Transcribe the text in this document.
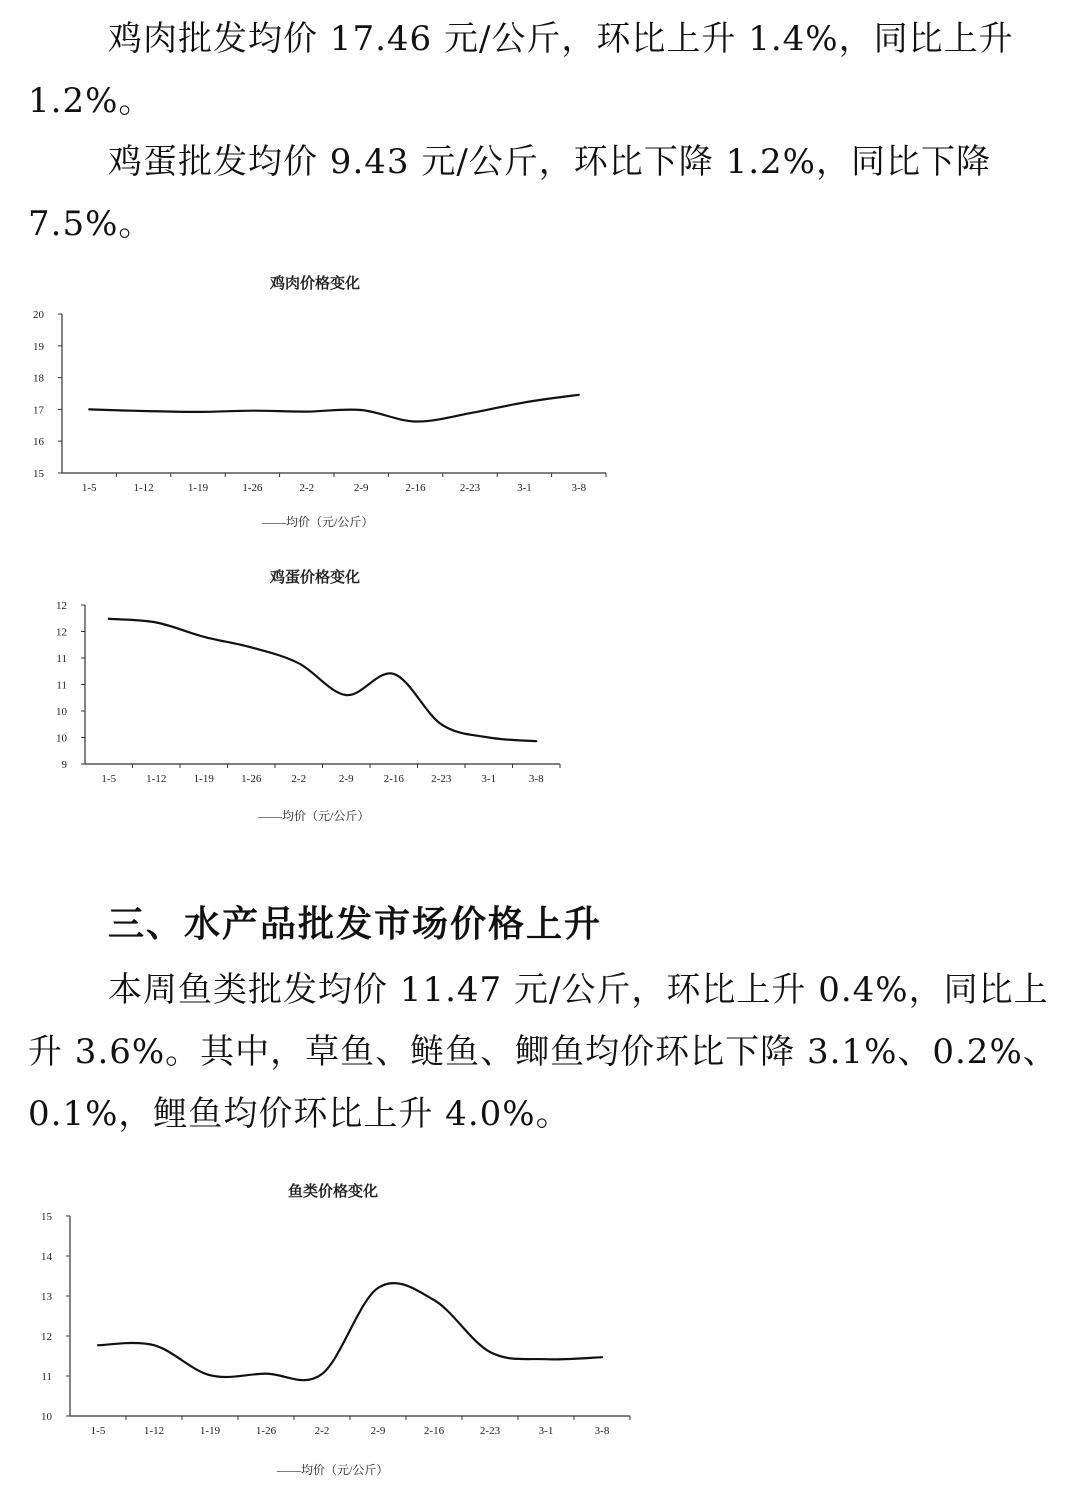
鸡肉批发均价 17.46 元/公斤，环比上升 1.4%，同比上升 1.2%。

鸡蛋批发均价 9.43 元/公斤，环比下降 1.2%，同比下降 7.5%。

鸡肉价格变化
15
16
17
18
19
20
1-5	1-12	1-19	1-26	2-2	2-9	2-16	2-23	3-1	3-8
——均价（元/公斤）
鸡蛋价格变化
9
10
10
11
11
12
12
1-5	1-12 1-19 1-26	2-2	2-9	2-16 2-23	3-1	3-8
——均价（元/公斤）
三、水产品批发市场价格上升

本周鱼类批发均价 11.47 元/公斤，环比上升 0.4%，同比上升 3.6%。其中，草鱼、鲢鱼、鲫鱼均价环比下降 3.1%、0.2%、0.1%，鲤鱼均价环比上升 4.0%。

鱼类价格变化
10
11
12
13
14
15
1-5	1-12	1-19	1-26	2-2	2-9	2-16	2-23	3-1	3-8
——均价（元/公斤）
